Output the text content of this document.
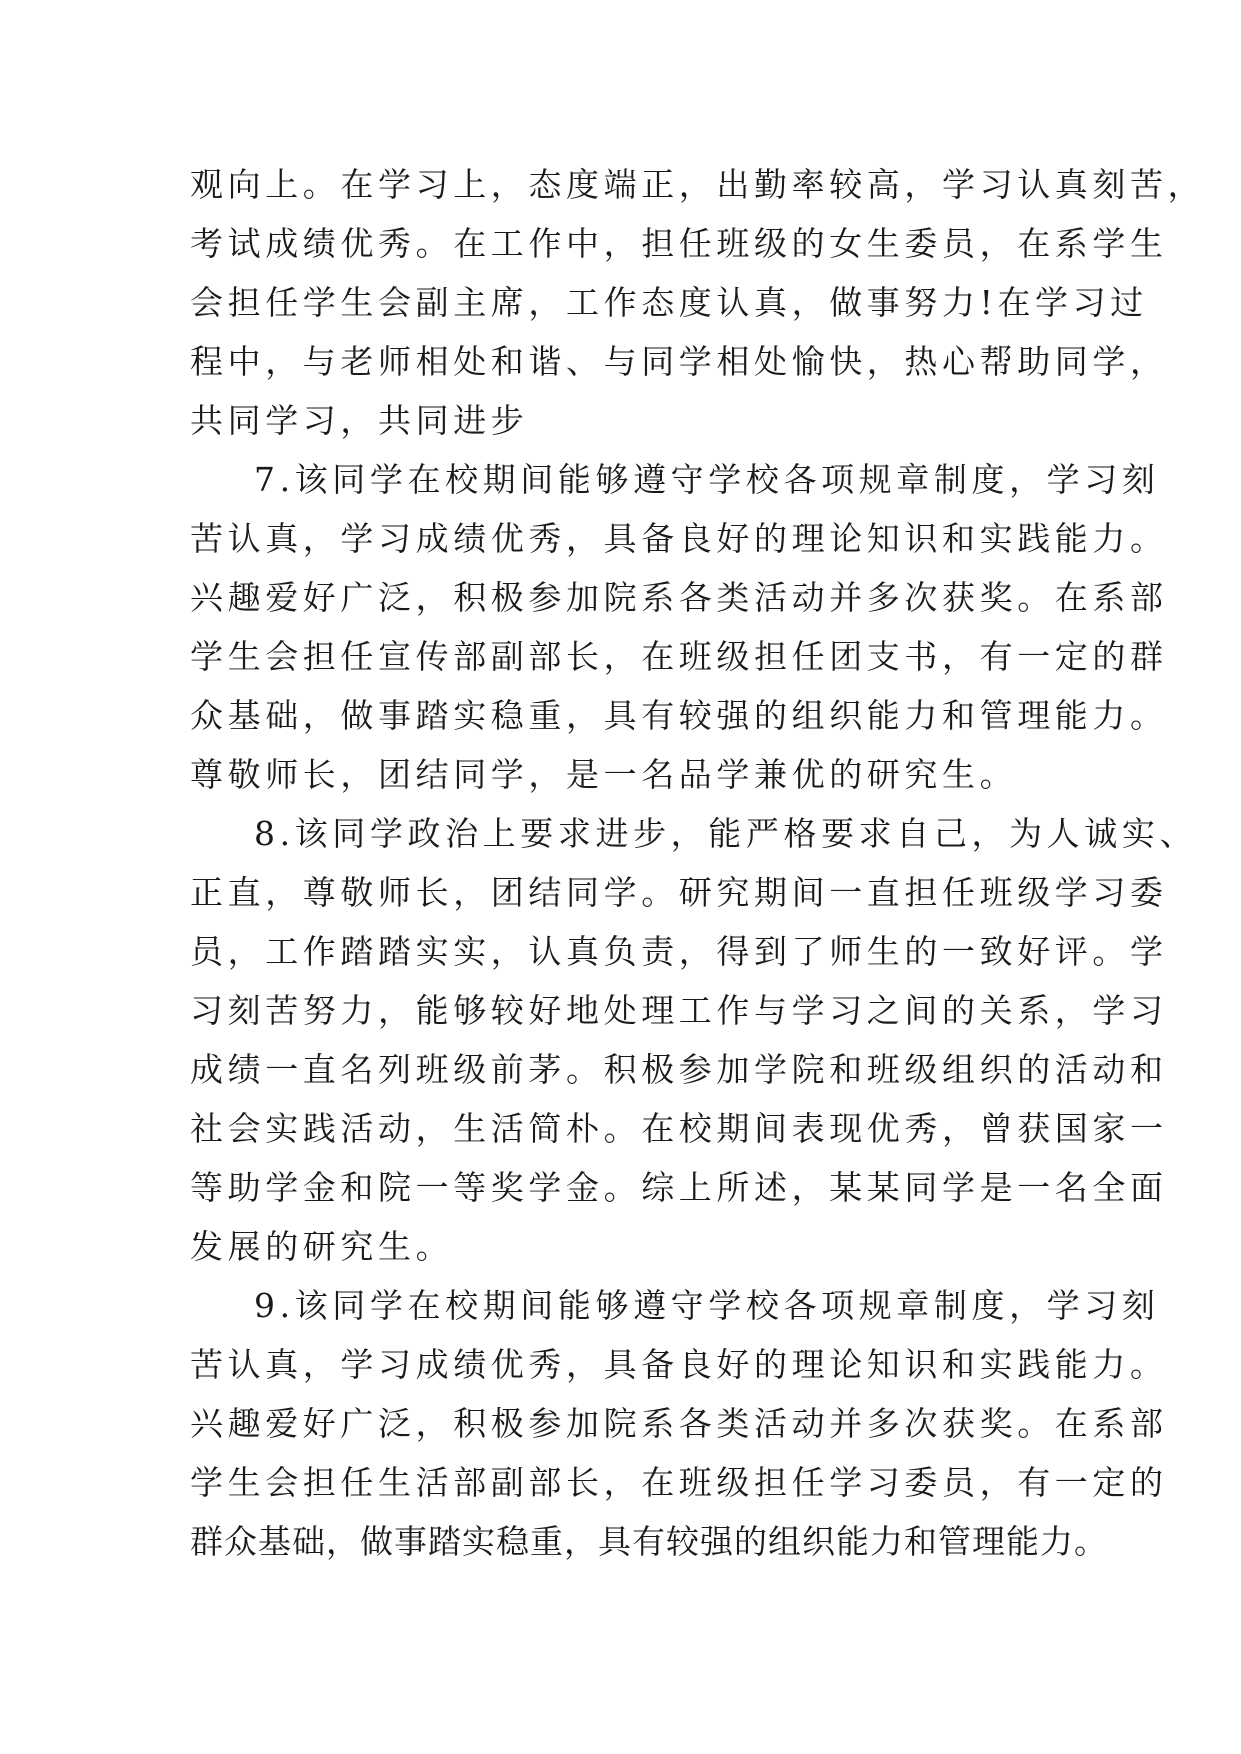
观向上。在学习上，态度端正，出勤率较高，学习认真刻苦，
考试成绩优秀。在工作中，担任班级的女生委员，在系学生
会担任学生会副主席，工作态度认真，做事努力!在学习过
程中，与老师相处和谐、与同学相处愉快，热心帮助同学，
共同学习，共同进步
7.该同学在校期间能够遵守学校各项规章制度，学习刻
苦认真，学习成绩优秀，具备良好的理论知识和实践能力。
兴趣爱好广泛，积极参加院系各类活动并多次获奖。在系部
学生会担任宣传部副部长，在班级担任团支书，有一定的群
众基础，做事踏实稳重，具有较强的组织能力和管理能力。
尊敬师长，团结同学，是一名品学兼优的研究生。
8.该同学政治上要求进步，能严格要求自己，为人诚实、
正直，尊敬师长，团结同学。研究期间一直担任班级学习委
员，工作踏踏实实，认真负责，得到了师生的一致好评。学
习刻苦努力，能够较好地处理工作与学习之间的关系，学习
成绩一直名列班级前茅。积极参加学院和班级组织的活动和
社会实践活动，生活简朴。在校期间表现优秀，曾获国家一
等助学金和院一等奖学金。综上所述，某某同学是一名全面
发展的研究生。
9.该同学在校期间能够遵守学校各项规章制度，学习刻
苦认真，学习成绩优秀，具备良好的理论知识和实践能力。
兴趣爱好广泛，积极参加院系各类活动并多次获奖。在系部
学生会担任生活部副部长，在班级担任学习委员，有一定的
群众基础，做事踏实稳重，具有较强的组织能力和管理能力。
